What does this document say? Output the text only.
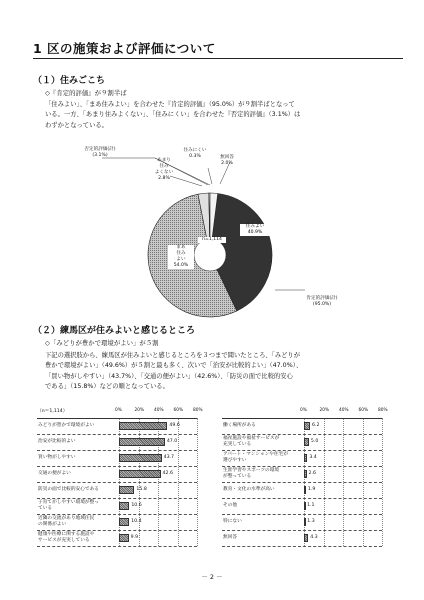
1 区の施策および評価について
（１）住みごこち
◇『肯定的評価』が９割半ば
「住みよい」、「まあ住みよい」を合わせた『肯定的評価』（95.0%）が９割半ばとなって
いる。一方、「あまり住みよくない」、「住みにくい」を合わせた『否定的評価』（3.1%）は
わずかとなっている。
否定的評価(計)
(3.1%)
あまり
住み
よくない
2.8%
住みにくい
0.3%	無回答
2.0%
住みよい
40.9%
まあ
住み
よい
54.0%
n=1,114
肯定的評価(計)
(95.0%)
（２）練馬区が住みよいと感じるところ
◇「みどりが豊かで環境がよい」が５割
下記の選択肢から、練馬区が住みよいと感じるところを３つまで聞いたところ、「みどりが
豊かで環境がよい」（49.6%）が５割と最も多く、次いで「治安が比較的よい」（47.0%）、
「買い物がしやすい」（43.7%）、「交通の便がよい」（42.6%）、「防災の面で比較的安心
である」（15.8%）などの順となっている。
（n＝1,114）	0%	20% 40% 60% 80%
みどりが豊かで環境がよい	49.6
治安が比較的よい	47.0
買い物がしやすい	43.7
交通の便がよい	42.6
防災の面で比較的安心である	15.8
子育てがしやすい環境が整っ
ている
10.6
近隣の交流があり地域住民
の関係がよい
10.4
健康や医療に関する施設や
サービスが充実している
9.9
0%	20% 40% 60% 80%
働く場所がある	6.2
福祉施設や福祉サービスが
充実している
5.0
アパート・マンションや住宅が
選びやすい
3.4
生涯学習やスポーツの環境
が整っている
2.6
教育・文化の水準が高い	1.9
その他	1.1
特にない	1.3
無回答	4.3
－ 2 －
